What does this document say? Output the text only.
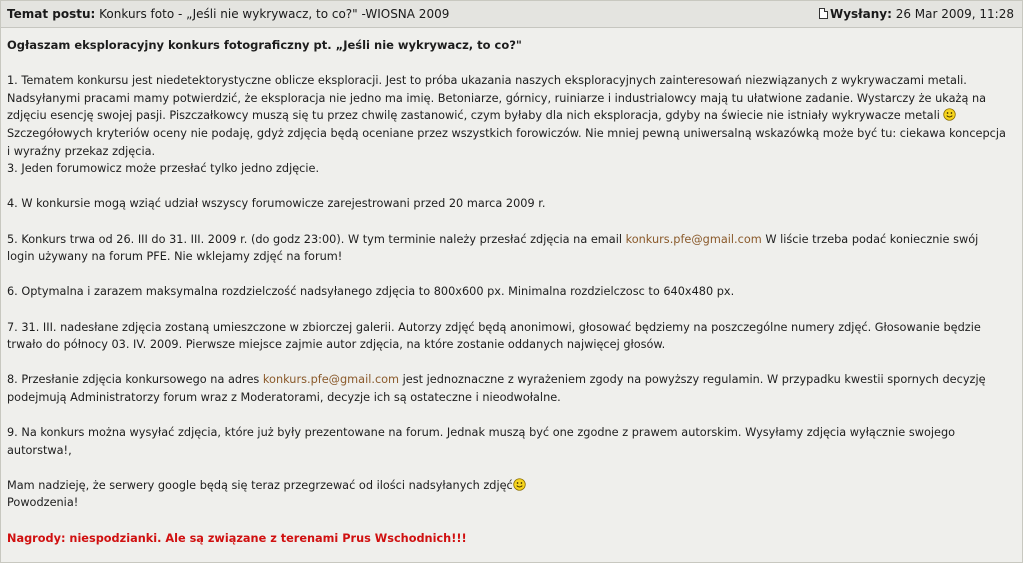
Temat postu: Konkurs foto - „Jeśli nie wykrywacz, to co?" -WIOSNA 2009	Wysłany: 26 Mar 2009, 11:28

Ogłaszam eksploracyjny konkurs fotograficzny pt. „Jeśli nie wykrywacz, to co?"

1. Tematem konkursu jest niedetektorystyczne oblicze eksploracji. Jest to próba ukazania naszych eksploracyjnych zainteresowań niezwiązanych z wykrywaczami metali.

Nadsyłanymi pracami mamy potwierdzić, że eksploracja nie jedno ma imię. Betoniarze, górnicy, ruiniarze i industrialowcy mają tu ułatwione zadanie. Wystarczy że ukażą na

zdjęciu esencję swojej pasji. Piszczałkowcy muszą się tu przez chwilę zastanowić, czym byłaby dla nich eksploracja, gdyby na świecie nie istniały wykrywacze metali

Szczegółowych kryteriów oceny nie podaję, gdyż zdjęcia będą oceniane przez wszystkich forowiczów. Nie mniej pewną uniwersalną wskazówką może być tu: ciekawa koncepcja

i wyraźny przekaz zdjęcia.

3. Jeden forumowicz może przesłać tylko jedno zdjęcie.

4. W konkursie mogą wziąć udział wszyscy forumowicze zarejestrowani przed 20 marca 2009 r.

5. Konkurs trwa od 26. III do 31. III. 2009 r. (do godz 23:00). W tym terminie należy przesłać zdjęcia na email konkurs.pfe@gmail.com W liście trzeba podać koniecznie swój

login używany na forum PFE. Nie wklejamy zdjęć na forum!

6. Optymalna i zarazem maksymalna rozdzielczość nadsyłanego zdjęcia to 800x600 px. Minimalna rozdzielczosc to 640x480 px.

7. 31. III. nadesłane zdjęcia zostaną umieszczone w zbiorczej galerii. Autorzy zdjęć będą anonimowi, głosować będziemy na poszczególne numery zdjęć. Głosowanie będzie

trwało do północy 03. IV. 2009. Pierwsze miejsce zajmie autor zdjęcia, na które zostanie oddanych najwięcej głosów.

8. Przesłanie zdjęcia konkursowego na adres konkurs.pfe@gmail.com jest jednoznaczne z wyrażeniem zgody na powyższy regulamin. W przypadku kwestii spornych decyzję

podejmują Administratorzy forum wraz z Moderatorami, decyzje ich są ostateczne i nieodwołalne.

9. Na konkurs można wysyłać zdjęcia, które już były prezentowane na forum. Jednak muszą być one zgodne z prawem autorskim. Wysyłamy zdjęcia wyłącznie swojego

autorstwa!,

Mam nadzieję, że serwery google będą się teraz przegrzewać od ilości nadsyłanych zdjęć

Powodzenia!

Nagrody: niespodzianki. Ale są związane z terenami Prus Wschodnich!!!
